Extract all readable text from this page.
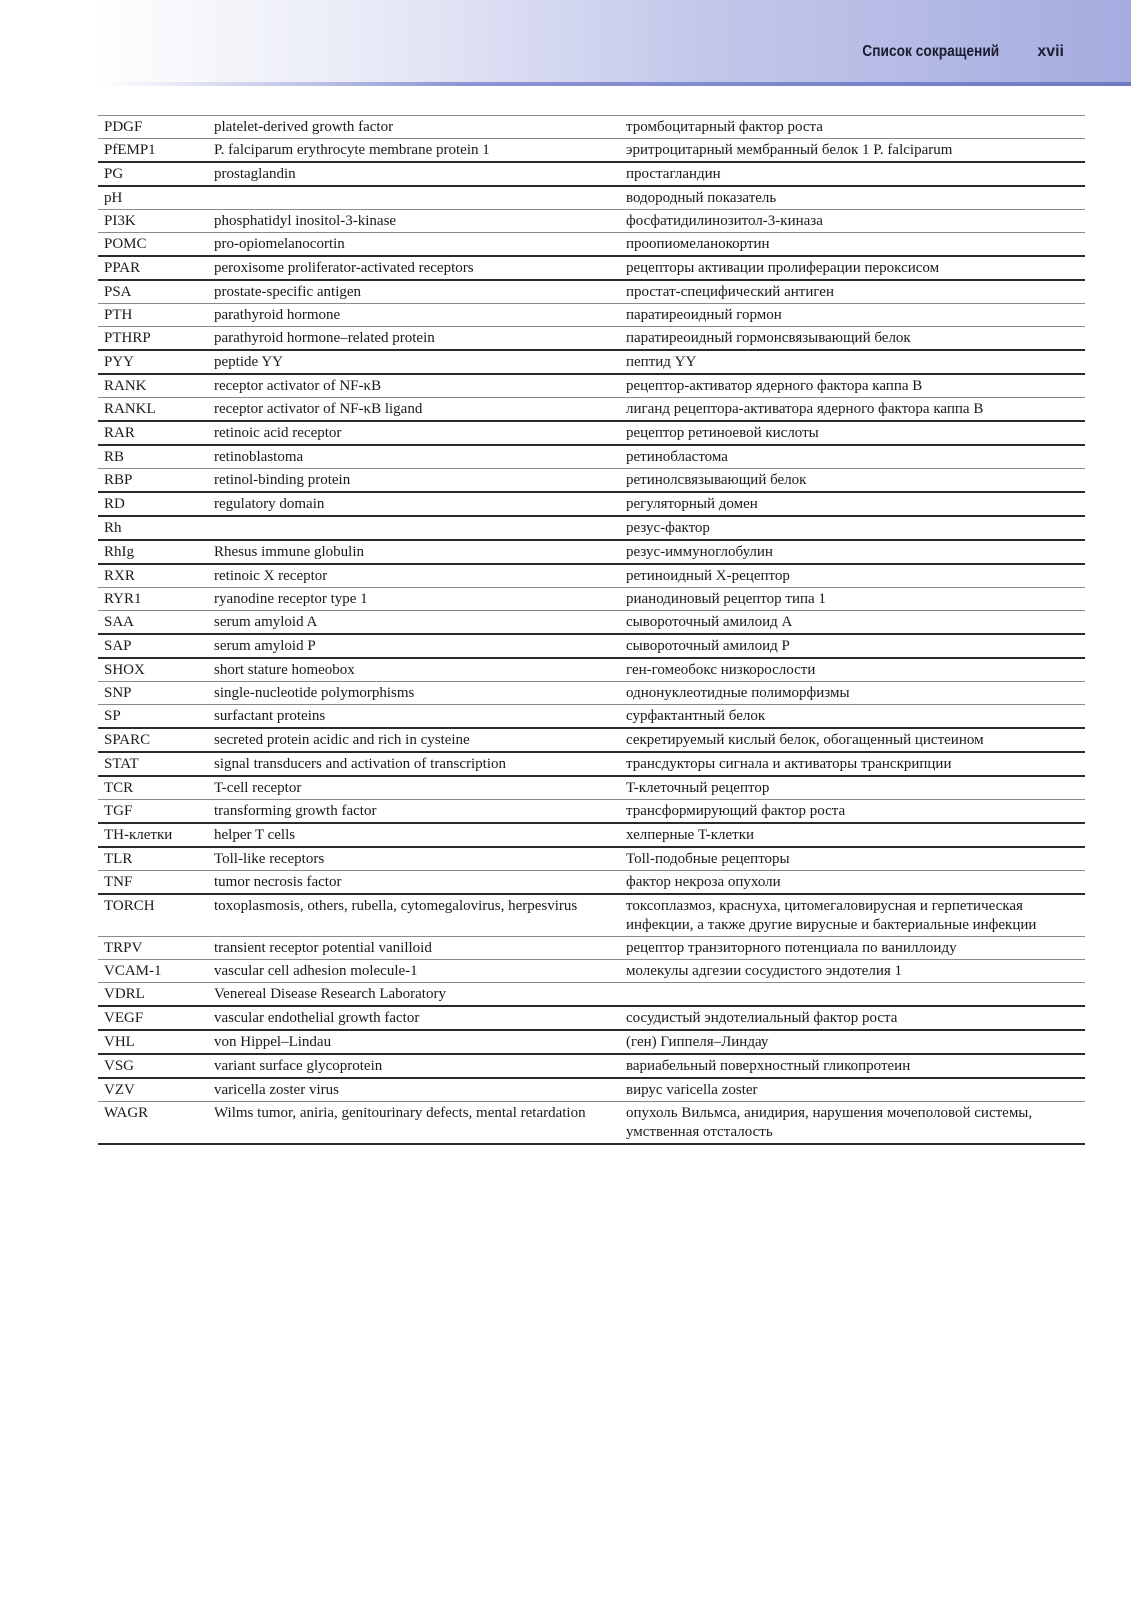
Список сокращений xvii
PDGF	platelet-derived growth factor	тромбоцитарный фактор роста
PfEMP1	P. falciparum erythrocyte membrane protein 1	эритроцитарный мембранный белок 1 P. falciparum
PG	prostaglandin	простагландин
pH		водородный показатель
PI3K	phosphatidyl inositol-3-kinase	фосфатидилинозитол-3-киназа
POMC	pro-opiomelanocortin	проопиомеланокортин
PPAR	peroxisome proliferator-activated receptors	рецепторы активации пролиферации пероксисом
PSA	prostate-specific antigen	простат-специфический антиген
PTH	parathyroid hormone	паратиреоидный гормон
PTHRP	parathyroid hormone–related protein	паратиреоидный гормонсвязывающий белок
PYY	peptide YY	пептид YY
RANK	receptor activator of NF-κB	рецептор-активатор ядерного фактора каппа B
RANKL	receptor activator of NF-κB ligand	лиганд рецептора-активатора ядерного фактора каппа B
RAR	retinoic acid receptor	рецептор ретиноевой кислоты
RB	retinoblastoma	ретинобластома
RBP	retinol-binding protein	ретинолсвязывающий белок
RD	regulatory domain	регуляторный домен
Rh		резус-фактор
RhIg	Rhesus immune globulin	резус-иммуноглобулин
RXR	retinoic X receptor	ретиноидный X-рецептор
RYR1	ryanodine receptor type 1	рианодиновый рецептор типа 1
SAA	serum amyloid A	сывороточный амилоид A
SAP	serum amyloid P	сывороточный амилоид P
SHOX	short stature homeobox	ген-гомеобокс низкорослости
SNP	single-nucleotide polymorphisms	однонуклеотидные полиморфизмы
SP	surfactant proteins	сурфактантный белок
SPARC	secreted protein acidic and rich in cysteine	секретируемый кислый белок, обогащенный цистеином
STAT	signal transducers and activation of transcription	трансдукторы сигнала и активаторы транскрипции
TCR	T-cell receptor	T-клеточный рецептор
TGF	transforming growth factor	трансформирующий фактор роста
TH-клетки	helper T cells	хелперные T-клетки
TLR	Toll-like receptors	Toll-подобные рецепторы
TNF	tumor necrosis factor	фактор некроза опухоли
TORCH	toxoplasmosis, others, rubella, cytomegalovirus, herpesvirus	токсоплазмоз, краснуха, цитомегаловирусная и герпетическая инфекции, а также другие вирусные и бактериальные инфекции
TRPV	transient receptor potential vanilloid	рецептор транзиторного потенциала по ваниллоиду
VCAM-1	vascular cell adhesion molecule-1	молекулы адгезии сосудистого эндотелия 1
VDRL	Venereal Disease Research Laboratory	
VEGF	vascular endothelial growth factor	сосудистый эндотелиальный фактор роста
VHL	von Hippel–Lindau	(ген) Гиппеля–Линдау
VSG	variant surface glycoprotein	вариабельный поверхностный гликопротеин
VZV	varicella zoster virus	вирус varicella zoster
WAGR	Wilms tumor, aniria, genitourinary defects, mental retardation	опухоль Вильмса, анидирия, нарушения мочеполовой системы, умственная отсталость
